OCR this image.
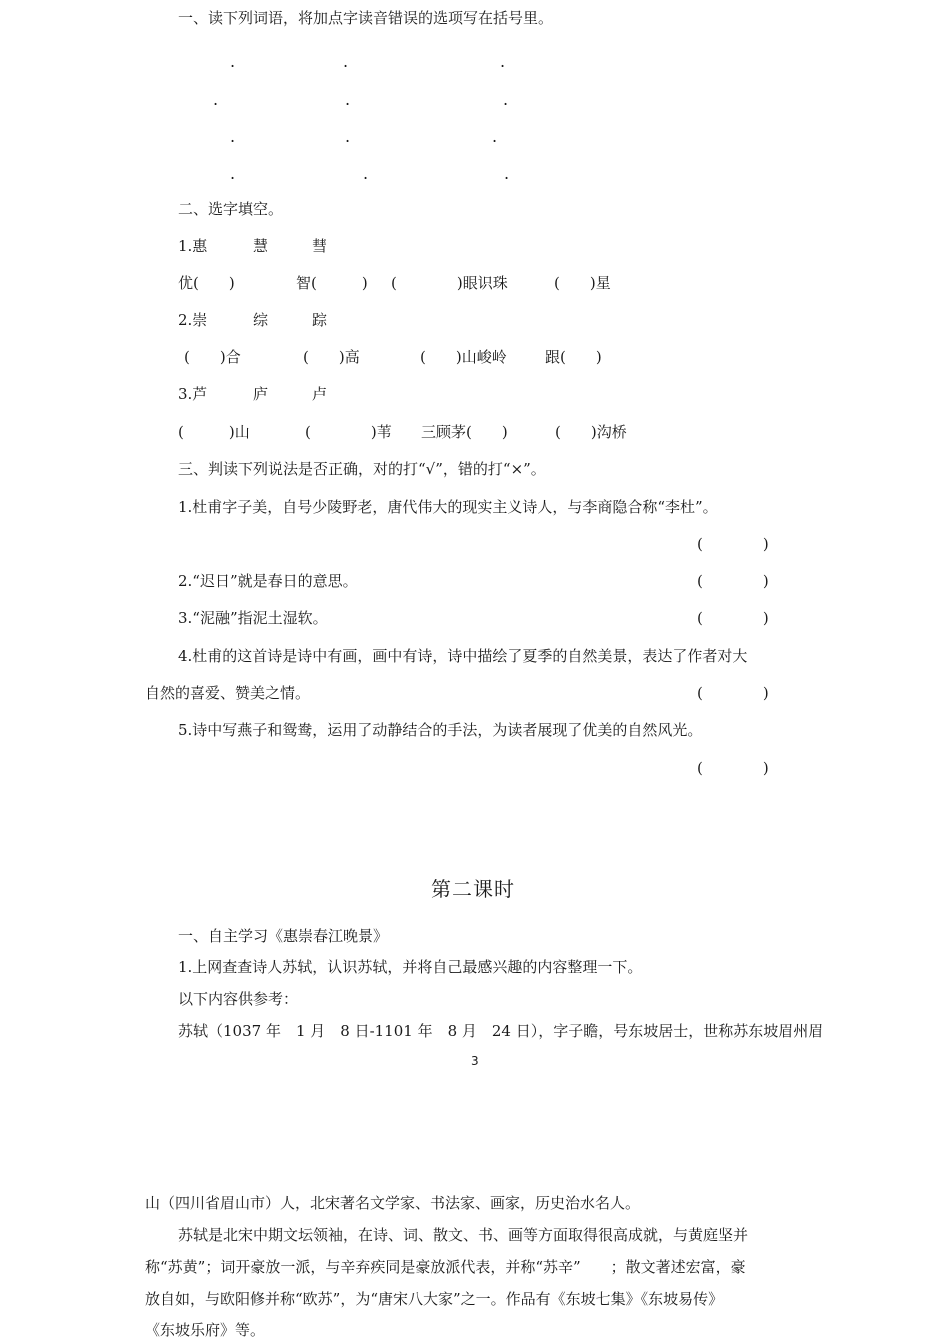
一、读下列词语，将加点字读音错误的选项写在括号里。
.	.	.
.	.	.
.	.	.
.	.	.
二、选字填空。
1.惠	慧	彗
优(　　)	智(　　　) (　　　　)眼识珠	(　　)星
2.崇	综	踪
(　　)合	(　　)高	(　　)山峻岭	跟(　　)
3.芦	庐	卢
(　　　)山	(　　　　)苇 三顾茅(　　)	(　　)沟桥
三、判读下列说法是否正确，对的打“√”，错的打“×”。
1.杜甫字子美，自号少陵野老，唐代伟大的现实主义诗人，与李商隐合称“李杜”。
(　　　　)
2.“迟日”就是春日的意思。	(　　　　)
3.“泥融”指泥土湿软。	(　　　　)
4.杜甫的这首诗是诗中有画，画中有诗，诗中描绘了夏季的自然美景，表达了作者对大
自然的喜爱、赞美之情。	(　　　　)
5.诗中写燕子和鸳鸯，运用了动静结合的手法，为读者展现了优美的自然风光。
(　　　　)
第二课时
一、自主学习《惠崇春江晚景》
1.上网查查诗人苏轼，认识苏轼，并将自己最感兴趣的内容整理一下。
以下内容供参考：
苏轼（1037 年　1 月　8 日-1101 年　8 月　24 日），字子瞻，号东坡居士，世称苏东坡眉州眉
3
山（四川省眉山市）人，北宋著名文学家、书法家、画家，历史治水名人。
苏轼是北宋中期文坛领袖，在诗、词、散文、书、画等方面取得很高成就，与黄庭坚并
称“苏黄”；词开豪放一派，与辛弃疾同是豪放派代表，并称“苏辛”　　；散文著述宏富，豪
放自如，与欧阳修并称“欧苏”，为“唐宋八大家”之一。作品有《东坡七集》《东坡易传》
《东坡乐府》等。
